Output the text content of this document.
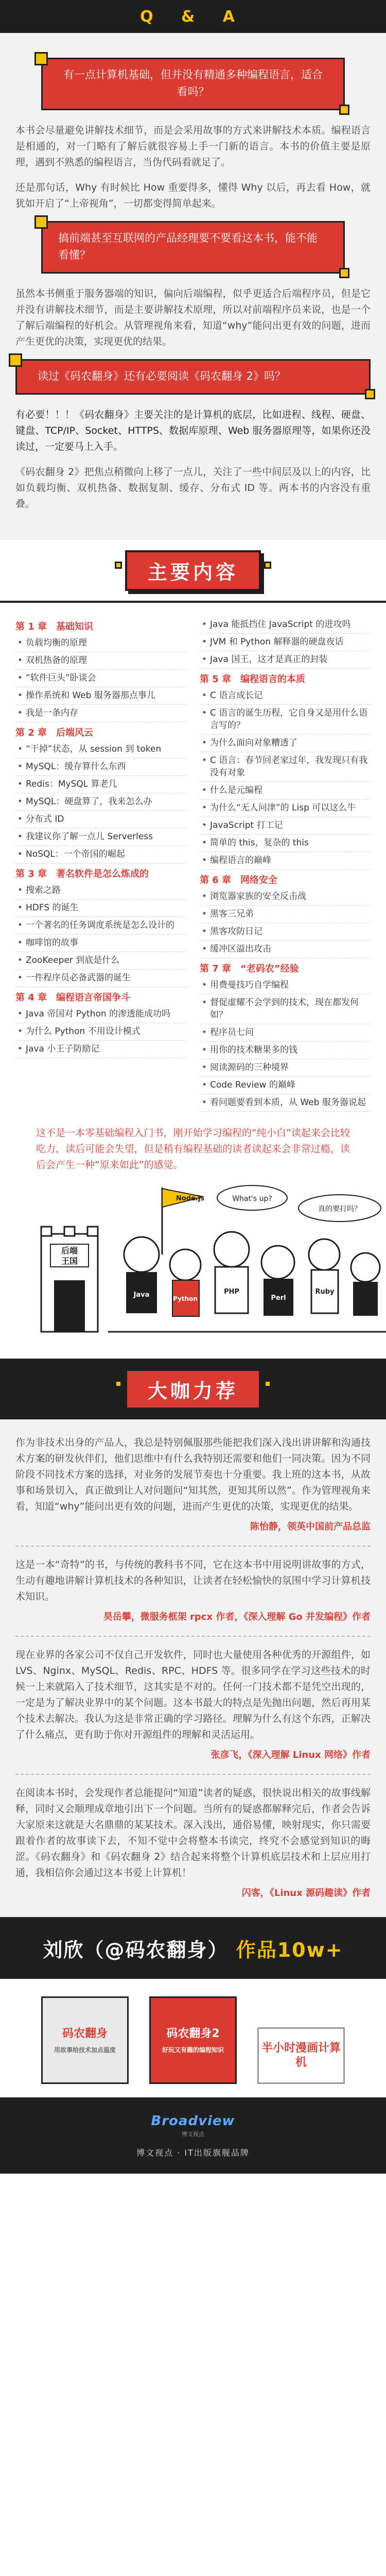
Q & A
有一点计算机基础，但并没有精通多种编程语言，适合看吗？

本书会尽量避免讲解技术细节，而是会采用故事的方式来讲解技术本质。编程语言是相通的，对一门略有了解后就很容易上手一门新的语言。本书的价值主要是原理，遇到不熟悉的编程语言，当伪代码看就足了。

还是那句话，Why 有时候比 How 重要得多，懂得 Why 以后，再去看 How，就犹如开启了“上帝视角”，一切都变得简单起来。

搞前端甚至互联网的产品经理要不要看这本书，能不能看懂？

虽然本书侧重于服务器端的知识，偏向后端编程，似乎更适合后端程序员，但是它并没有讲解技术细节，而是主要讲解技术原理，所以对前端程序员来说，也是一个了解后端编程的好机会。从管理视角来看，知道“why”能问出更有效的问题，进而产生更优的决策，实现更优的结果。

读过《码农翻身》还有必要阅读《码农翻身 2》吗？

有必要！！！《码农翻身》主要关注的是计算机的底层，比如进程、线程、硬盘、键盘、TCP/IP、Socket、HTTPS、数据库原理、Web 服务器原理等，如果你还没读过，一定要马上入手。

《码农翻身 2》把焦点稍微向上移了一点儿，关注了一些中间层及以上的内容，比如负载均衡、双机热备、数据复制、缓存、分布式 ID 等。两本书的内容没有重叠。

主要内容
第 1 章　基础知识
• 负载均衡的原理
• 双机热备的原理
• “软件巨头”卧谈会
• 操作系统和 Web 服务器那点事儿
• 我是一条内存
第 2 章　后端风云
• “干掉”状态，从 session 到 token
• MySQL：缓存算什么东西
• Redis：MySQL 算老几
• MySQL：硬盘算了，我来怎么办
• 分布式 ID
• 我建议你了解一点儿 Serverless
• NoSQL：一个帝国的崛起
第 3 章　著名软件是怎么炼成的
• 搜索之路
• HDFS 的诞生
• 一个著名的任务调度系统是怎么设计的
• 咖啡馆的故事
• ZooKeeper 到底是什么
• 一件程序员必备武器的诞生
第 4 章　编程语言帝国争斗
• Java 帝国对 Python 的渗透能成功吗
• 为什么 Python 不用设计模式
• Java 小王子防励记
• Java 能抵挡住 JavaScript 的进攻吗
• JVM 和 Python 解释器的硬盘夜话
• Java 国王，这才是真正的封装
第 5 章　编程语言的本质
• C 语言成长记
• C 语言的诞生历程，它自身又是用什么语言写的？
• 为什么面向对象糟透了
• C 语言：春节回老家过年，我发现只有我没有对象
• 什么是元编程
• 为什么“无人问津”的 Lisp 可以这么牛
• JavaScript 打工记
• 简单的 this，复杂的 this
• 编程语言的巅峰
第 6 章　网络安全
• 浏览器家族的安全反击战
• 黑客三兄弟
• 黑客攻防日记
• 缓冲区溢出攻击
第 7 章　“老码农”经验
• 用费曼技巧自学编程
• 督促虚耀不会学到的技术，现在都发何如？
• 程序员七问
• 用你的技术糖果多的钱
• 阅读源码的三种境界
• Code Review 的巅峰
• 看问题要看到本质，从 Web 服务器说起

这不是一本零基础编程入门书，刚开始学习编程的“纯小白”读起来会比较吃力，读后可能会失望，但是稍有编程基础的读者读起来会非常过瘾，读后会产生一种“原来如此”的感觉。

后端
王国
Node.js	What's up?
真的要打吗？
Java	Python
PHP
Perl
Ruby
大咖力荐

作为非技术出身的产品人，我总是特别佩服那些能把我们深入浅出讲讲解和沟通技术方案的研发伙伴们，他们思维中有什么我特别还需要和他们一同决策。因为不同阶段不同技术方案的选择，对业务的发展节奏也十分重要。我上班的这本书，从故事和场景切入，真正做到让人对问题问“知其然，更知其所以然”。作为管理视角来看，知道“why”能问出更有效的问题，进而产生更优的决策，实现更优的结果。

陈怡静，领英中国前产品总监

这是一本“奇特”的书，与传统的教科书不同，它在这本书中用说明讲故事的方式，生动有趣地讲解计算机技术的各种知识，让读者在轻松愉快的氛围中学习计算机技术知识。

昊岳攀，微服务框架 rpcx 作者，《深入理解 Go 并发编程》作者

现在业界的各家公司不仅自己开发软件，同时也大量使用各种优秀的开源组件，如 LVS、Nginx、MySQL、Redis、RPC、HDFS 等。很多同学在学习这些技术的时候一上来就陷入了技术细节，这其实是不对的。任何一门技术都不是凭空出现的，一定是为了解决业界中的某个问题。这本书最大的特点是先抛出问题，然后再用某个技术去解决。我认为这是非常正确的学习路径。理解为什么有这个东西，正解决了什么痛点，更有助于你对开源组件的理解和灵活运用。

张彦飞，《深入理解 Linux 网络》作者

在阅读本书时，会发现作者总能提问“知道”读者的疑惑，很快说出相关的故事线解释，同时又会顺理成章地引出下一个问题。当所有的疑惑都解释完后，作者会告诉大家原来这就是大名鼎鼎的某某技术。深入浅出，通俗易懂，映射现实，你只需要跟着作者的故事读下去，不知不觉中会将整本书读完，终究不会感觉到知识的晦涩。《码农翻身》和《码农翻身 2》结合起来将整个计算机底层技术和上层应用打通，我相信你会通过这本书爱上计算机！

闪客，《Linux 源码趣读》作者
刘欣（@码农翻身） 作品10w+
码农翻身
用故事给技术加点温度
码农翻身2
好玩又有趣的编程知识	半小时漫画计算机
Broadview
博文视点
博文视点 · IT出版旗舰品牌
